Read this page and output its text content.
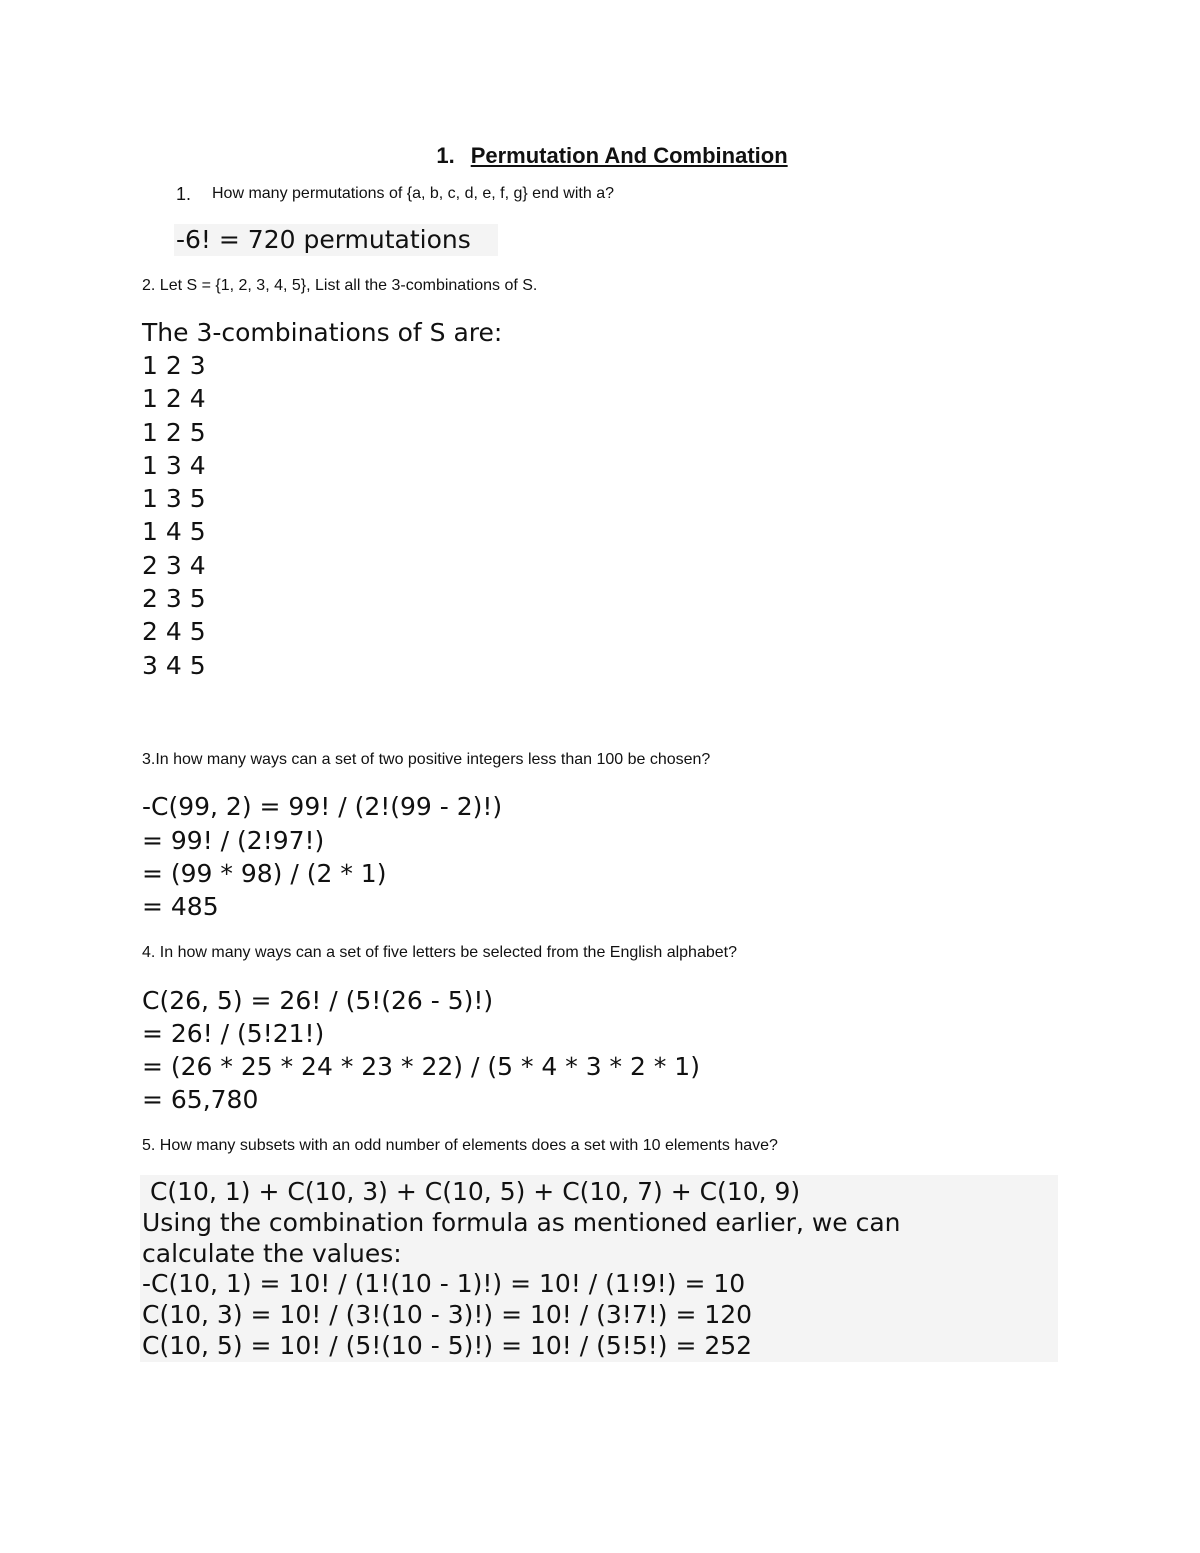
1. Permutation And Combination
1. How many permutations of {a, b, c, d, e, f, g} end with a?
-6! = 720 permutations
2. Let S = {1, 2, 3, 4, 5}, List all the 3-combinations of S.
The 3-combinations of S are:
1 2 3
1 2 4
1 2 5
1 3 4
1 3 5
1 4 5
2 3 4
2 3 5
2 4 5
3 4 5
3.In how many ways can a set of two positive integers less than 100 be chosen?
-C(99, 2) = 99! / (2!(99 - 2)!)
= 99! / (2!97!)
= (99 * 98) / (2 * 1)
= 485
4. In how many ways can a set of five letters be selected from the English alphabet?
C(26, 5) = 26! / (5!(26 - 5)!)
= 26! / (5!21!)
= (26 * 25 * 24 * 23 * 22) / (5 * 4 * 3 * 2 * 1)
= 65,780
5. How many subsets with an odd number of elements does a set with 10 elements have?
C(10, 1) + C(10, 3) + C(10, 5) + C(10, 7) + C(10, 9)
Using the combination formula as mentioned earlier, we can
calculate the values:
-C(10, 1) = 10! / (1!(10 - 1)!) = 10! / (1!9!) = 10
C(10, 3) = 10! / (3!(10 - 3)!) = 10! / (3!7!) = 120
C(10, 5) = 10! / (5!(10 - 5)!) = 10! / (5!5!) = 252
